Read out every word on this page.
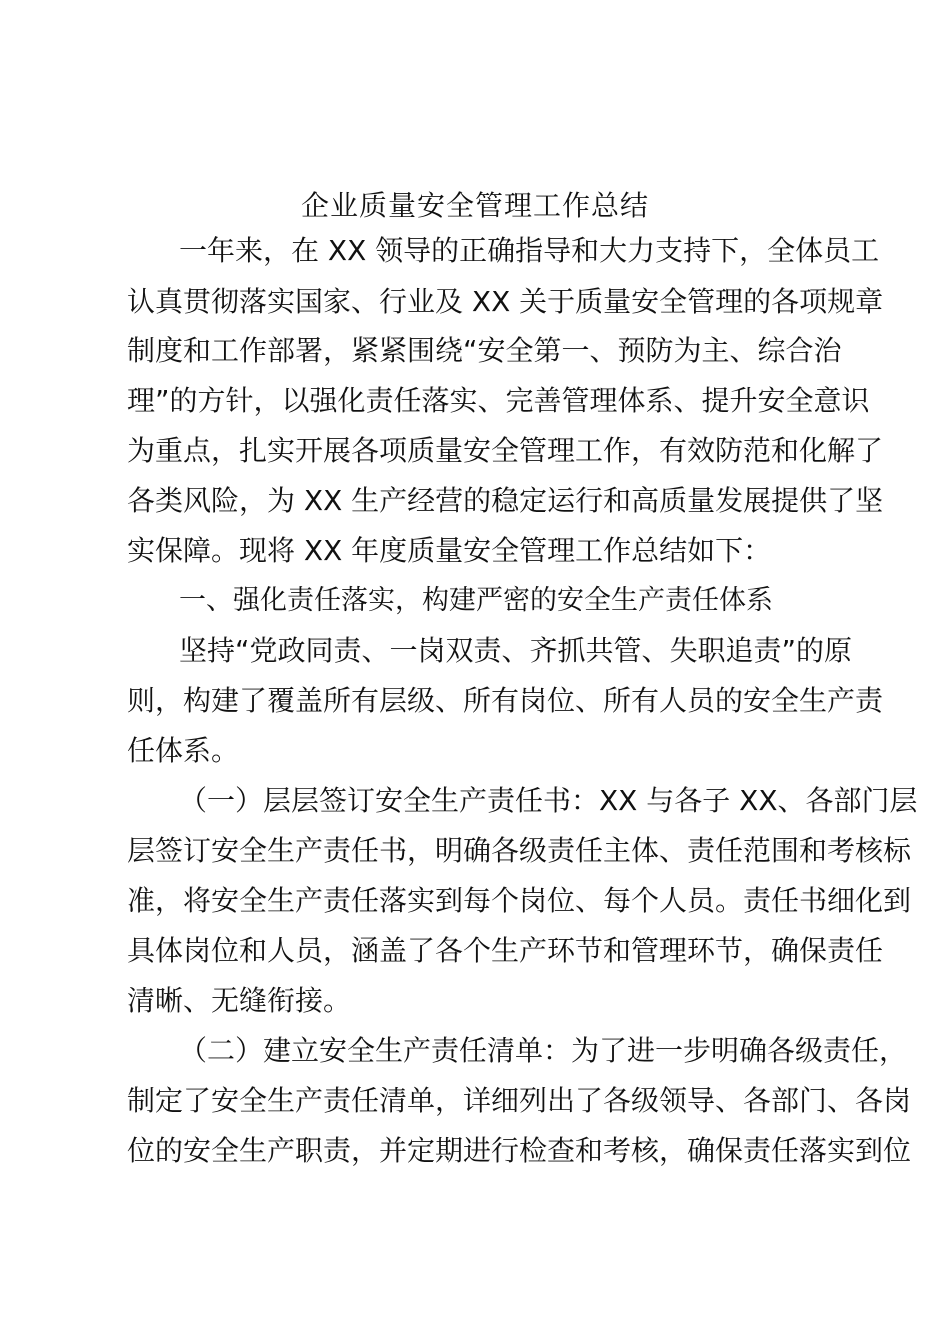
企业质量安全管理工作总结
一年来，在 XX 领导的正确指导和大力支持下，全体员工
认真贯彻落实国家、行业及 XX 关于质量安全管理的各项规章
制度和工作部署，紧紧围绕“安全第一、预防为主、综合治
理”的方针，以强化责任落实、完善管理体系、提升安全意识
为重点，扎实开展各项质量安全管理工作，有效防范和化解了
各类风险，为 XX 生产经营的稳定运行和高质量发展提供了坚
实保障。现将 XX 年度质量安全管理工作总结如下：
一、强化责任落实，构建严密的安全生产责任体系
坚持“党政同责、一岗双责、齐抓共管、失职追责”的原
则，构建了覆盖所有层级、所有岗位、所有人员的安全生产责
任体系。
（一）层层签订安全生产责任书：XX 与各子 XX、各部门层
层签订安全生产责任书，明确各级责任主体、责任范围和考核标
准，将安全生产责任落实到每个岗位、每个人员。责任书细化到
具体岗位和人员，涵盖了各个生产环节和管理环节，确保责任
清晰、无缝衔接。
（二）建立安全生产责任清单：为了进一步明确各级责任，
制定了安全生产责任清单，详细列出了各级领导、各部门、各岗
位的安全生产职责，并定期进行检查和考核，确保责任落实到位
